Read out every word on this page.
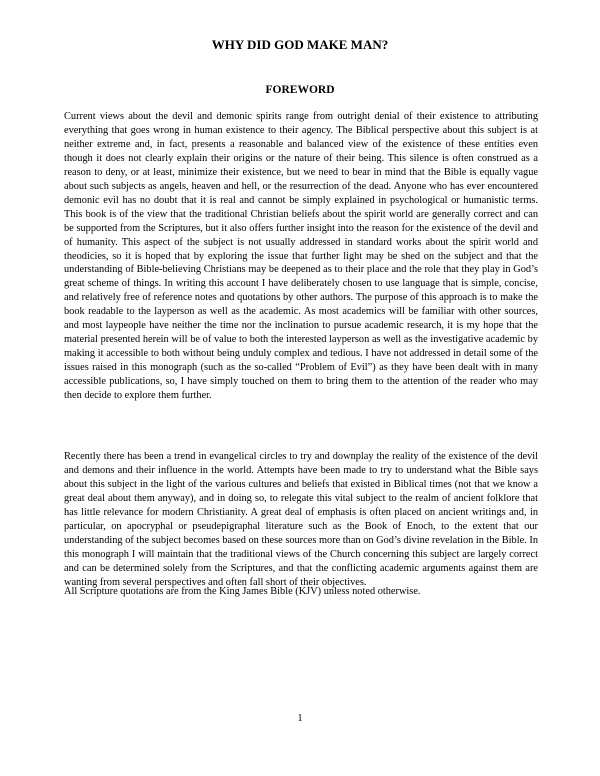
WHY DID GOD MAKE MAN?
FOREWORD

Current views about the devil and demonic spirits range from outright denial of their existence to attributing everything that goes wrong in human existence to their agency. The Biblical perspective about this subject is at neither extreme and, in fact, presents a reasonable and balanced view of the existence of these entities even though it does not clearly explain their origins or the nature of their being. This silence is often construed as a reason to deny, or at least, minimize their existence, but we need to bear in mind that the Bible is equally vague about such subjects as angels, heaven and hell, or the resurrection of the dead. Anyone who has ever encountered demonic evil has no doubt that it is real and cannot be simply explained in psychological or humanistic terms. This book is of the view that the traditional Christian beliefs about the spirit world are generally correct and can be supported from the Scriptures, but it also offers further insight into the reason for the existence of the devil and of humanity. This aspect of the subject is not usually addressed in standard works about the spirit world and theodicies, so it is hoped that by exploring the issue that further light may be shed on the subject and that the understanding of Bible-believing Christians may be deepened as to their place and the role that they play in God’s great scheme of things. In writing this account I have deliberately chosen to use language that is simple, concise, and relatively free of reference notes and quotations by other authors. The purpose of this approach is to make the book readable to the layperson as well as the academic. As most academics will be familiar with other sources, and most laypeople have neither the time nor the inclination to pursue academic research, it is my hope that the material presented herein will be of value to both the interested layperson as well as the investigative academic by making it accessible to both without being unduly complex and tedious. I have not addressed in detail some of the issues raised in this monograph (such as the so-called “Problem of Evil”) as they have been dealt with in many accessible publications, so, I have simply touched on them to bring them to the attention of the reader who may then decide to explore them further.

Recently there has been a trend in evangelical circles to try and downplay the reality of the existence of the devil and demons and their influence in the world. Attempts have been made to try to understand what the Bible says about this subject in the light of the various cultures and beliefs that existed in Biblical times (not that we know a great deal about them anyway), and in doing so, to relegate this vital subject to the realm of ancient folklore that has little relevance for modern Christianity. A great deal of emphasis is often placed on ancient writings and, in particular, on apocryphal or pseudepigraphal literature such as the Book of Enoch, to the extent that our understanding of the subject becomes based on these sources more than on God’s divine revelation in the Bible. In this monograph I will maintain that the traditional views of the Church concerning this subject are largely correct and can be determined solely from the Scriptures, and that the conflicting academic arguments against them are wanting from several perspectives and often fall short of their objectives.

All Scripture quotations are from the King James Bible (KJV) unless noted otherwise.

1
